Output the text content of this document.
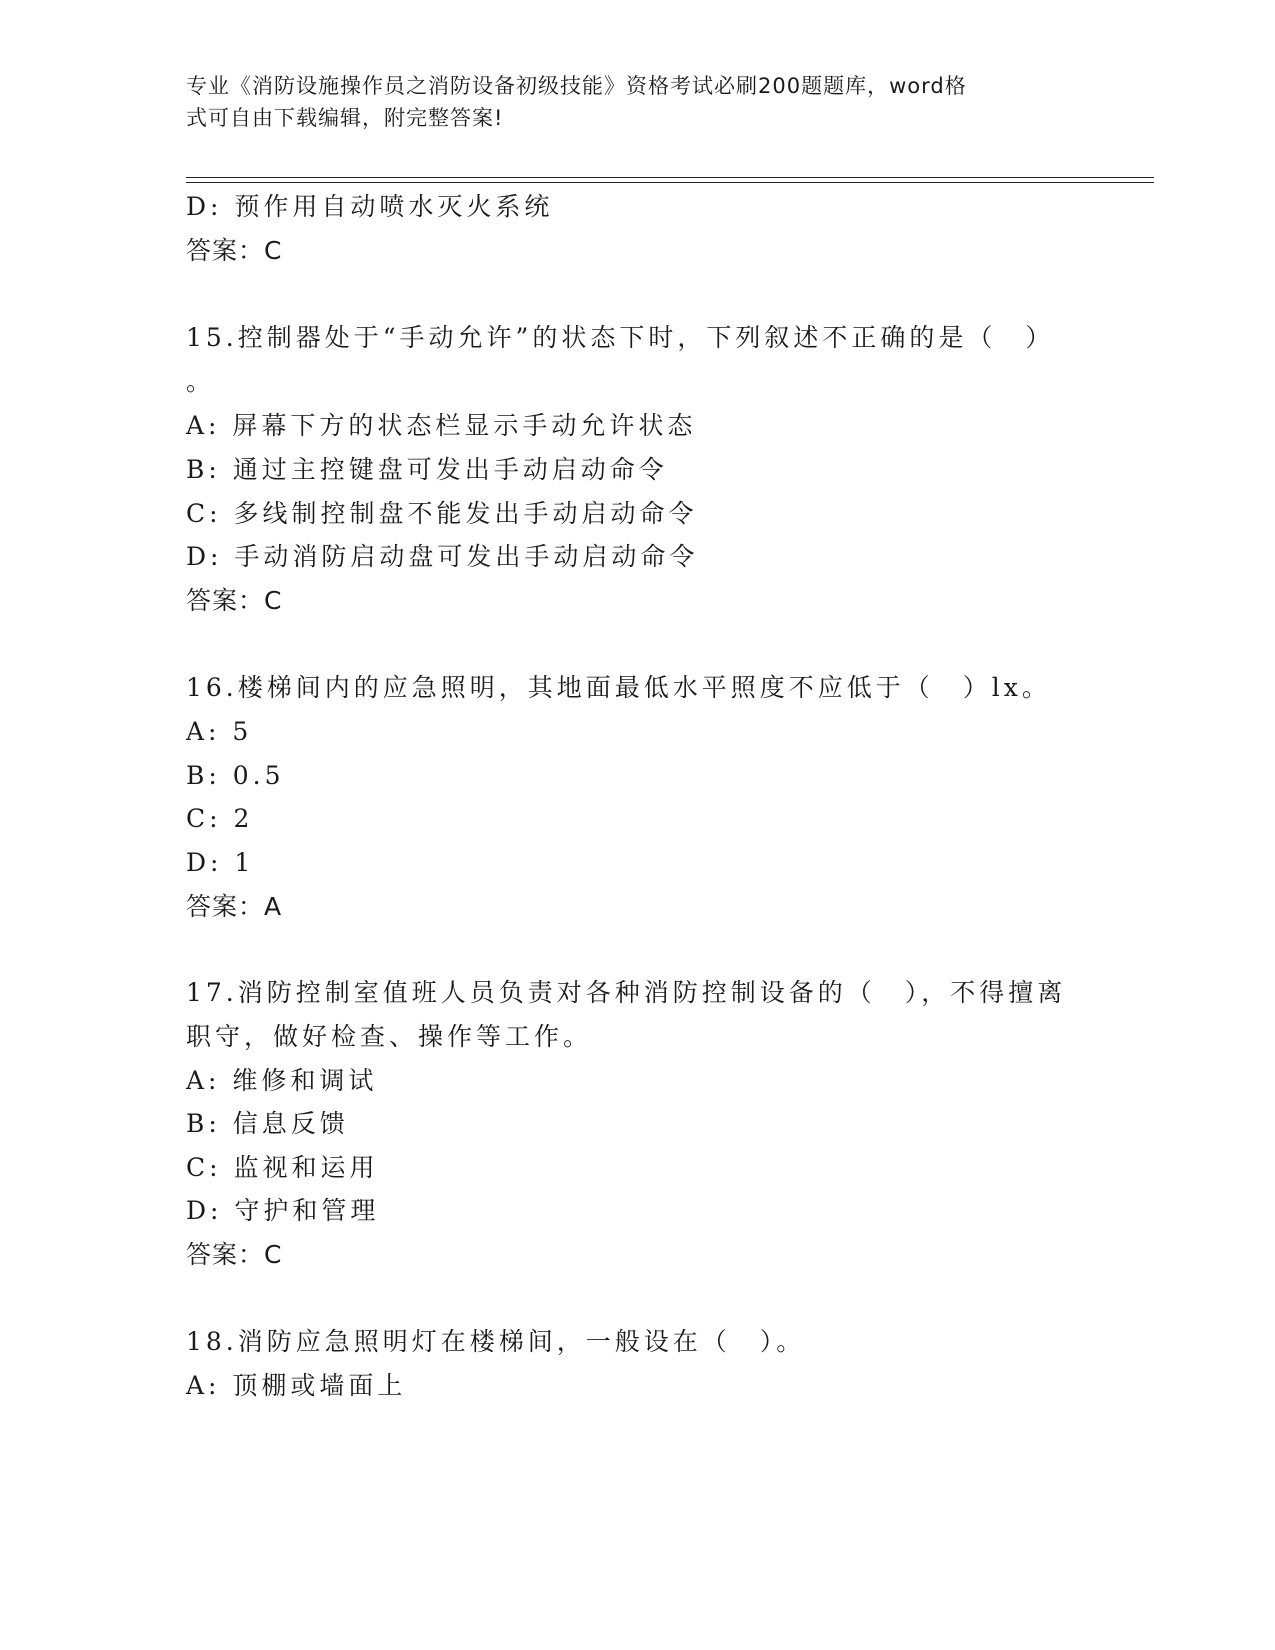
专业《消防设施操作员之消防设备初级技能》资格考试必刷200题题库，word格
式可自由下载编辑，附完整答案!
D: 预作用自动喷水灭火系统
答案：C
15.控制器处于“手动允许”的状态下时，下列叙述不正确的是（　）
。
A: 屏幕下方的状态栏显示手动允许状态
B: 通过主控键盘可发出手动启动命令
C: 多线制控制盘不能发出手动启动命令
D: 手动消防启动盘可发出手动启动命令
答案：C
16.楼梯间内的应急照明，其地面最低水平照度不应低于（　）lx。
A: 5
B: 0.5
C: 2
D: 1
答案：A
17.消防控制室值班人员负责对各种消防控制设备的（　），不得擅离
职守，做好检查、操作等工作。
A: 维修和调试
B: 信息反馈
C: 监视和运用
D: 守护和管理
答案：C
18.消防应急照明灯在楼梯间，一般设在（　）。
A: 顶棚或墙面上
